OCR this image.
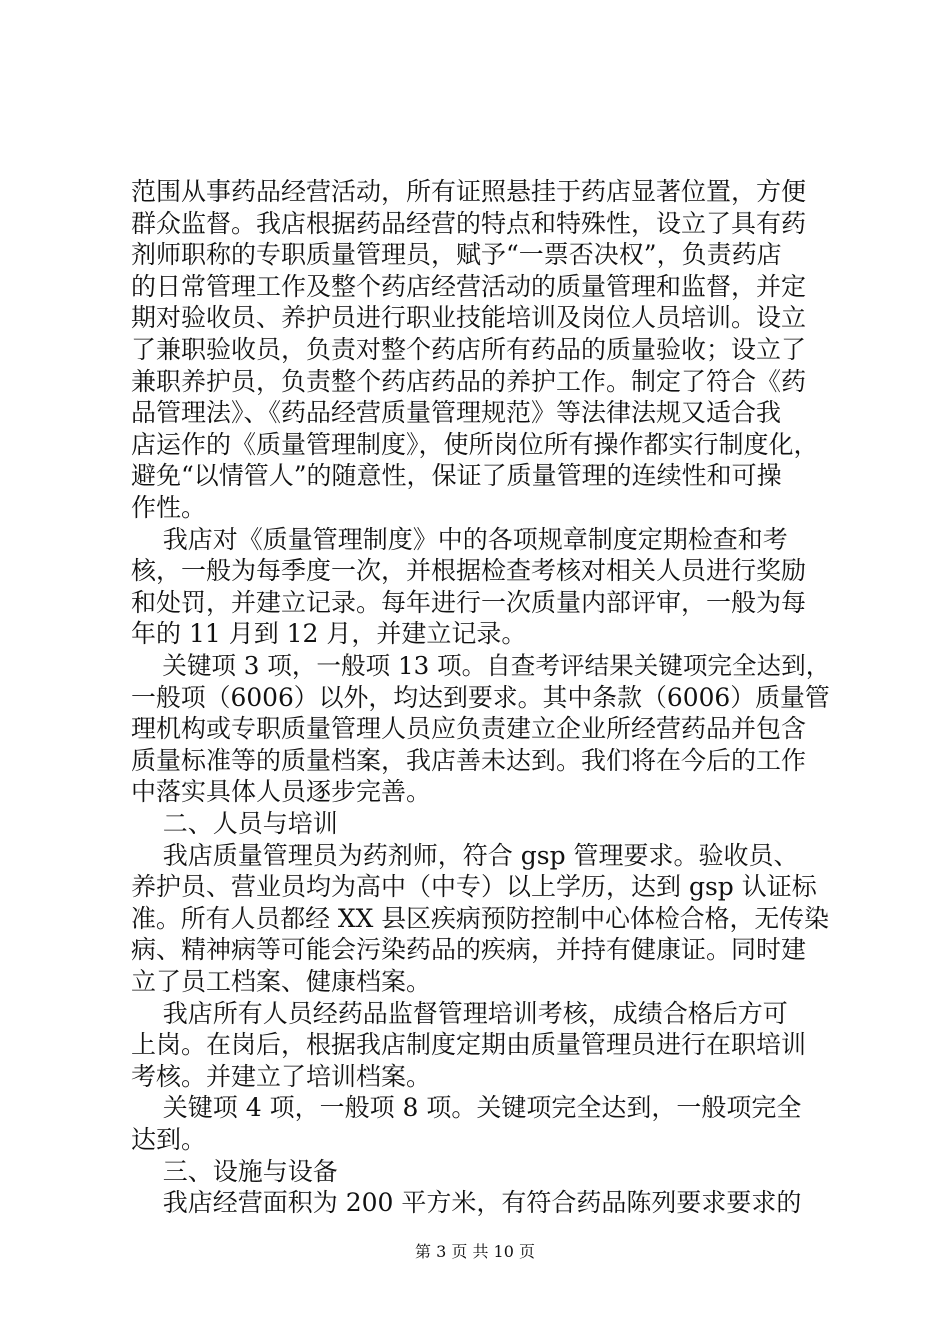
范围从事药品经营活动，所有证照悬挂于药店显著位置，方便
群众监督。我店根据药品经营的特点和特殊性，设立了具有药
剂师职称的专职质量管理员，赋予“一票否决权”，负责药店
的日常管理工作及整个药店经营活动的质量管理和监督，并定
期对验收员、养护员进行职业技能培训及岗位人员培训。设立
了兼职验收员，负责对整个药店所有药品的质量验收；设立了
兼职养护员，负责整个药店药品的养护工作。制定了符合《药
品管理法》、《药品经营质量管理规范》等法律法规又适合我
店运作的《质量管理制度》，使所岗位所有操作都实行制度化，
避免“以情管人”的随意性，保证了质量管理的连续性和可操
作性。
我店对《质量管理制度》中的各项规章制度定期检查和考
核，一般为每季度一次，并根据检查考核对相关人员进行奖励
和处罚，并建立记录。每年进行一次质量内部评审，一般为每
年的 11 月到 12 月，并建立记录。
关键项 3 项，一般项 13 项。自查考评结果关键项完全达到，
一般项（6006）以外，均达到要求。其中条款（6006）质量管
理机构或专职质量管理人员应负责建立企业所经营药品并包含
质量标准等的质量档案，我店善未达到。我们将在今后的工作
中落实具体人员逐步完善。
二、人员与培训
我店质量管理员为药剂师，符合 gsp 管理要求。验收员、
养护员、营业员均为高中（中专）以上学历，达到 gsp 认证标
准。所有人员都经 XX 县区疾病预防控制中心体检合格，无传染
病、精神病等可能会污染药品的疾病，并持有健康证。同时建
立了员工档案、健康档案。
我店所有人员经药品监督管理培训考核，成绩合格后方可
上岗。在岗后，根据我店制度定期由质量管理员进行在职培训
考核。并建立了培训档案。
关键项 4 项，一般项 8 项。关键项完全达到，一般项完全
达到。
三、设施与设备
我店经营面积为 200 平方米，有符合药品陈列要求要求的
第 3 页 共 10 页
